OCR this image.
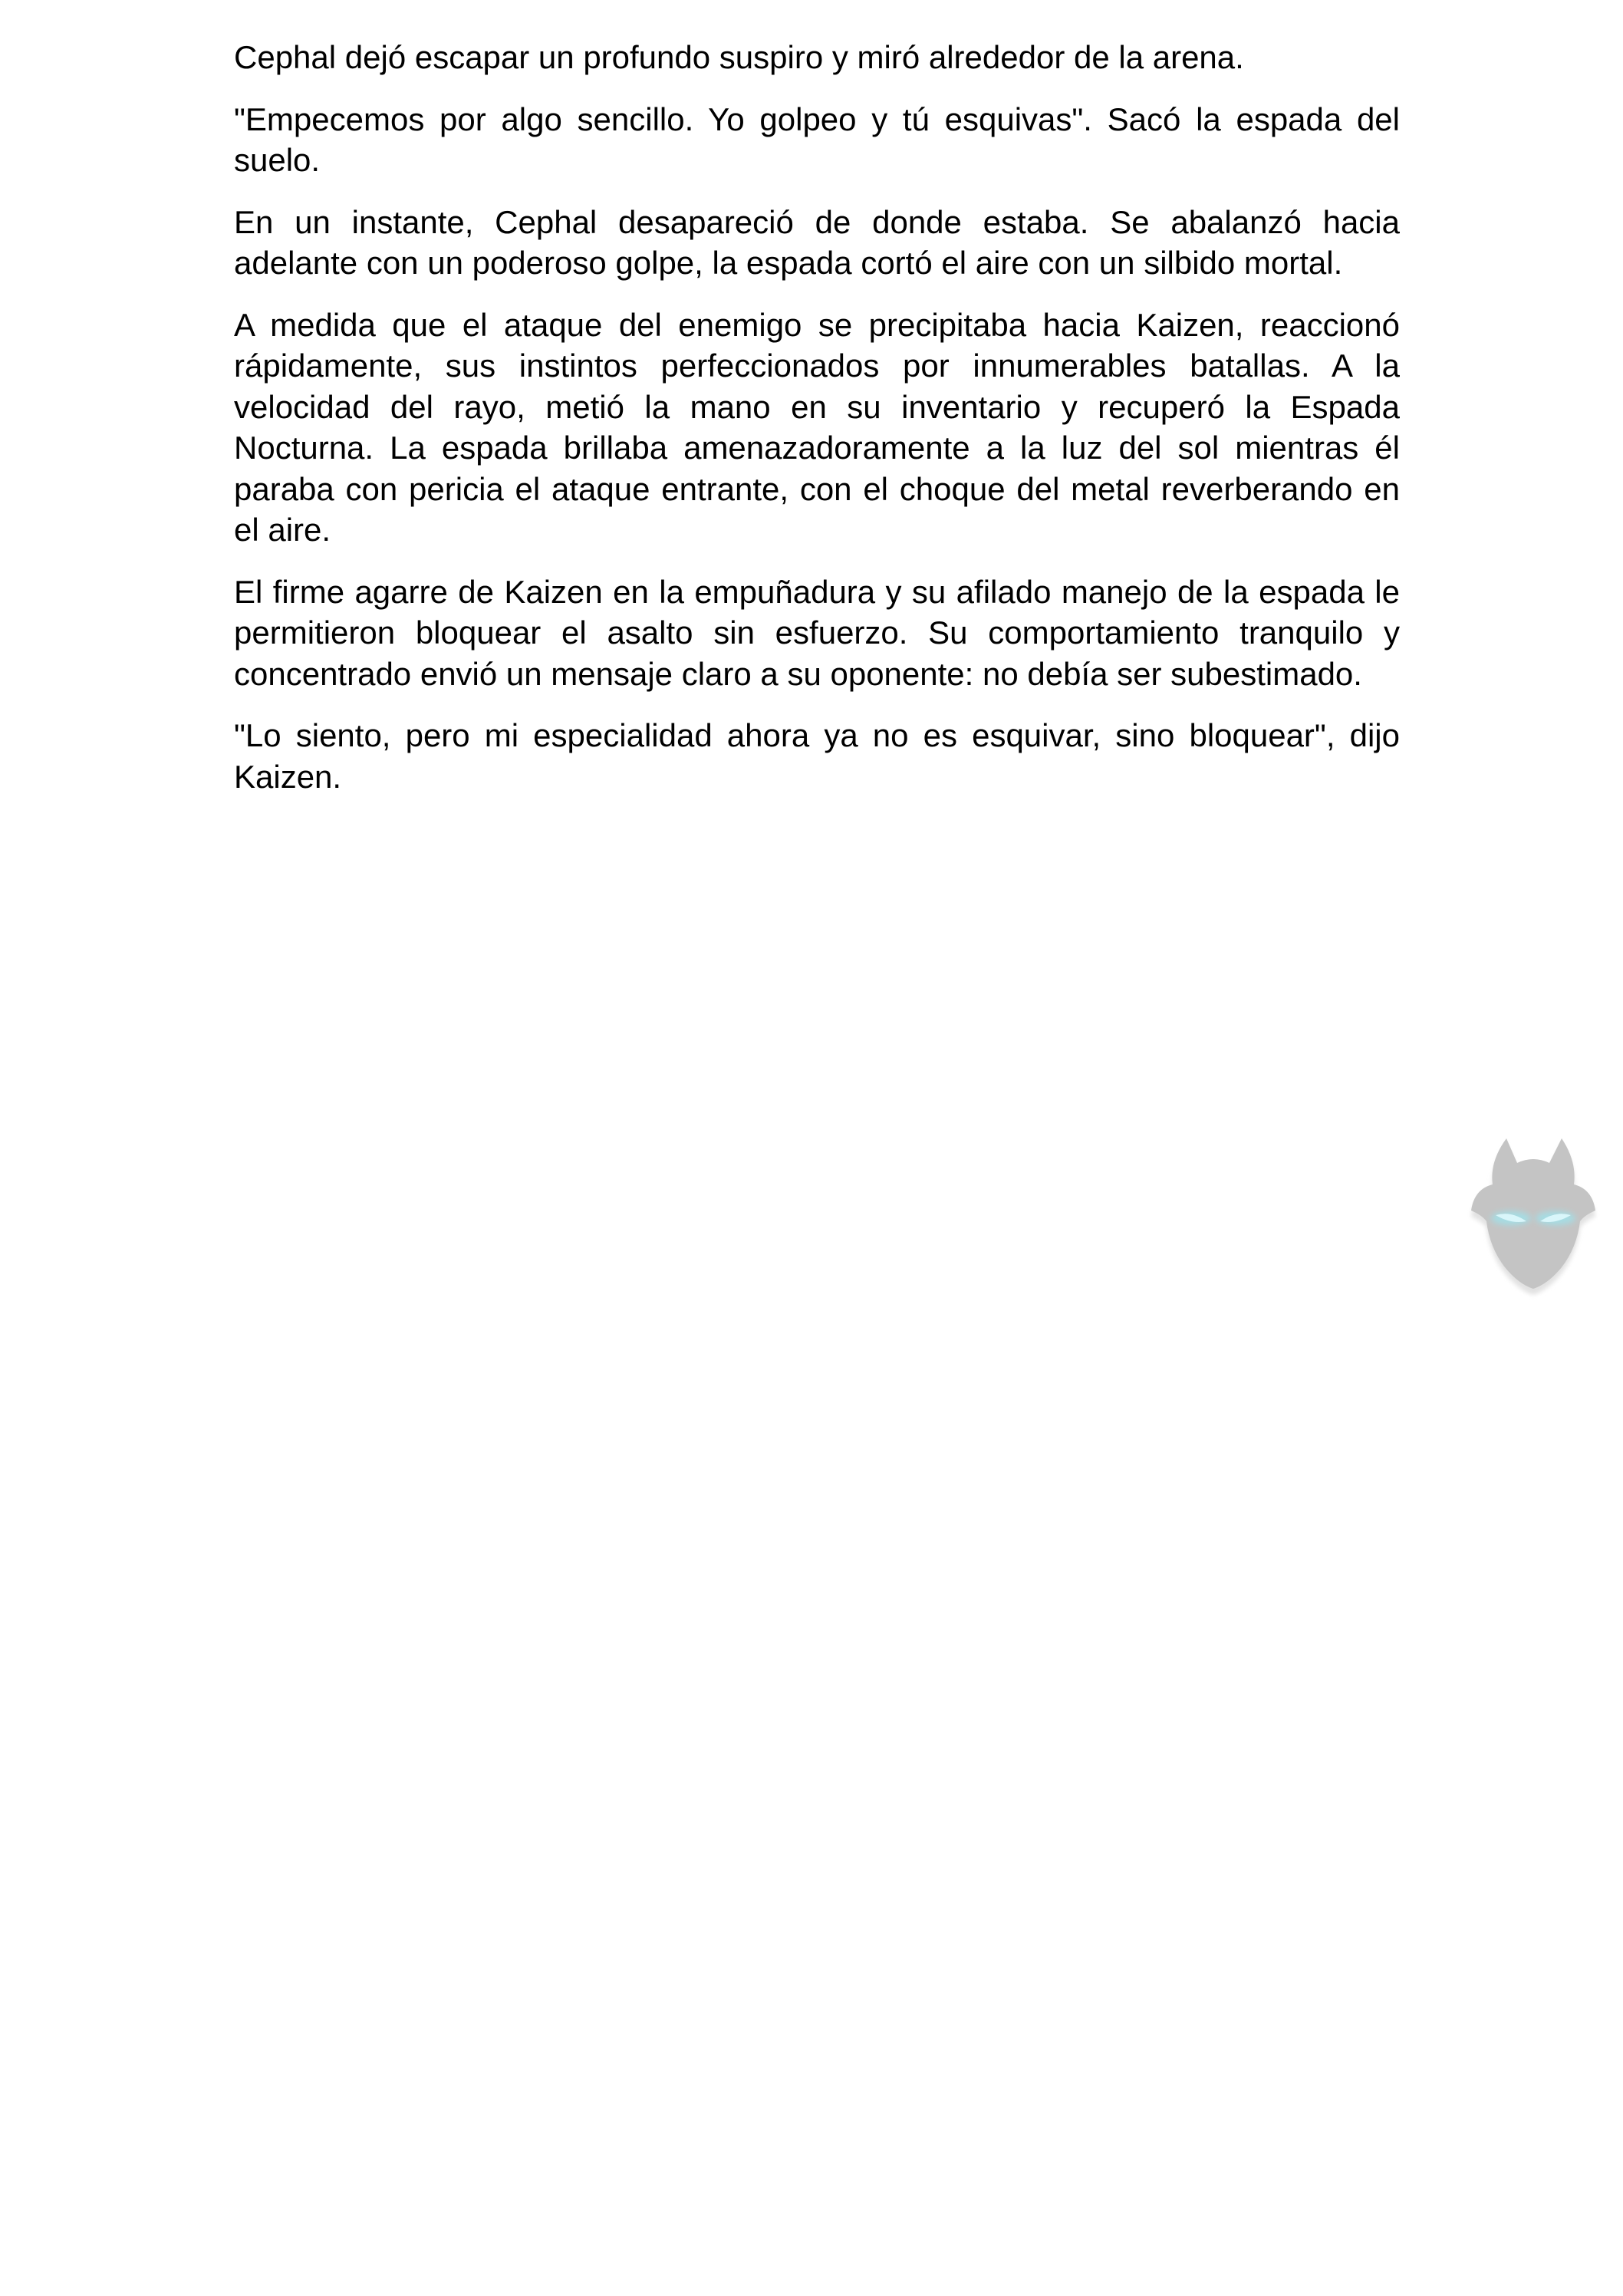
Cephal dejó escapar un profundo suspiro y miró alrededor de la arena.

"Empecemos por algo sencillo. Yo golpeo y tú esquivas". Sacó la espada del suelo.

En un instante, Cephal desapareció de donde estaba. Se abalanzó hacia adelante con un poderoso golpe, la espada cortó el aire con un silbido mortal.

A medida que el ataque del enemigo se precipitaba hacia Kaizen, reaccionó rápidamente, sus instintos perfeccionados por innumerables batallas. A la velocidad del rayo, metió la mano en su inventario y recuperó la Espada Nocturna. La espada brillaba amenazadoramente a la luz del sol mientras él paraba con pericia el ataque entrante, con el choque del metal reverberando en el aire.

El firme agarre de Kaizen en la empuñadura y su afilado manejo de la espada le permitieron bloquear el asalto sin esfuerzo. Su comportamiento tranquilo y concentrado envió un mensaje claro a su oponente: no debía ser subestimado.

"Lo siento, pero mi especialidad ahora ya no es esquivar, sino bloquear", dijo Kaizen.
